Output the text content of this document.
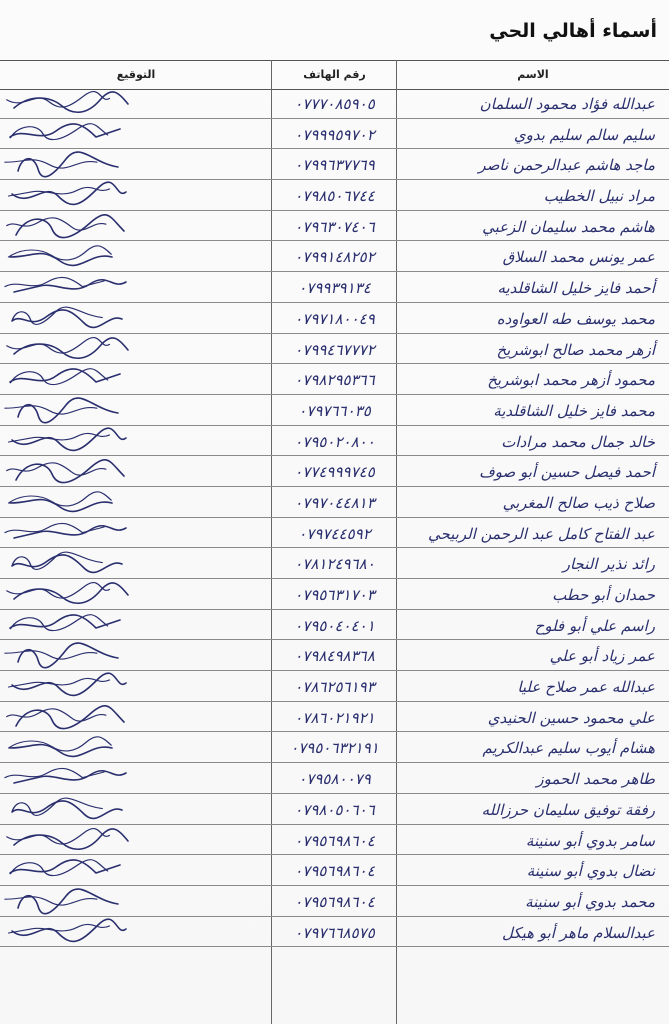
أسماء أهالي الحي
الاسم
رقم الهاتف
التوقيع
عبدالله فؤاد محمود السلمان
٠٧٧٧٠٨٥٩٠٥
سليم سالم سليم بدوي
٠٧٩٩٩٥٩٧٠٢
ماجد هاشم عبدالرحمن ناصر
٠٧٩٩٦٣٧٧٦٩
مراد نبيل الخطيب
٠٧٩٨٥٠٦٧٤٤
هاشم محمد سليمان الزعبي
٠٧٩٦٣٠٧٤٠٦
عمر يونس محمد السلاق
٠٧٩٩١٤٨٢٥٢
أحمد فايز خليل الشاقلديه
٠٧٩٩٣٩١٣٤
محمد يوسف طه العواوده
٠٧٩٧١٨٠٠٤٩
أزهر محمد صالح ابوشريخ
٠٧٩٩٤٦٧٧٧٢
محمود أزهر محمد ابوشريخ
٠٧٩٨٢٩٥٣٦٦
محمد فايز خليل الشاقلدية
٠٧٩٧٦٦٠٣٥
خالد جمال محمد مرادات
٠٧٩٥٠٢٠٨٠٠
أحمد فيصل حسين أبو صوف
٠٧٧٤٩٩٩٧٤٥
صلاح ذيب صالح المغربي
٠٧٩٧٠٤٤٨١٣
عبد الفتاح كامل عبد الرحمن الربيحي
٠٧٩٧٤٤٥٩٢
رائد نذير النجار
٠٧٨١٢٤٩٦٨٠
حمدان أبو حطب
٠٧٩٥٦٣١٧٠٣
راسم علي أبو فلوح
٠٧٩٥٠٤٠٤٠١
عمر زياد أبو علي
٠٧٩٨٤٩٨٣٦٨
عبدالله عمر صلاح عليا
٠٧٨٦٢٥٦١٩٣
علي محمود حسين الحنيدي
٠٧٨٦٠٢١٩٢١
هشام أيوب سليم عبدالكريم
٠٧٩٥٠٦٣٢١٩١
طاهر محمد الحموز
٠٧٩٥٨٠٠٧٩
رفقة توفيق سليمان حرزالله
٠٧٩٨٠٥٠٦٠٦
سامر بدوي أبو سنينة
٠٧٩٥٦٩٨٦٠٤
نضال بدوي أبو سنينة
٠٧٩٥٦٩٨٦٠٤
محمد بدوي أبو سنينة
٠٧٩٥٦٩٨٦٠٤
عبدالسلام ماهر أبو هيكل
٠٧٩٧٦٦٨٥٧٥
